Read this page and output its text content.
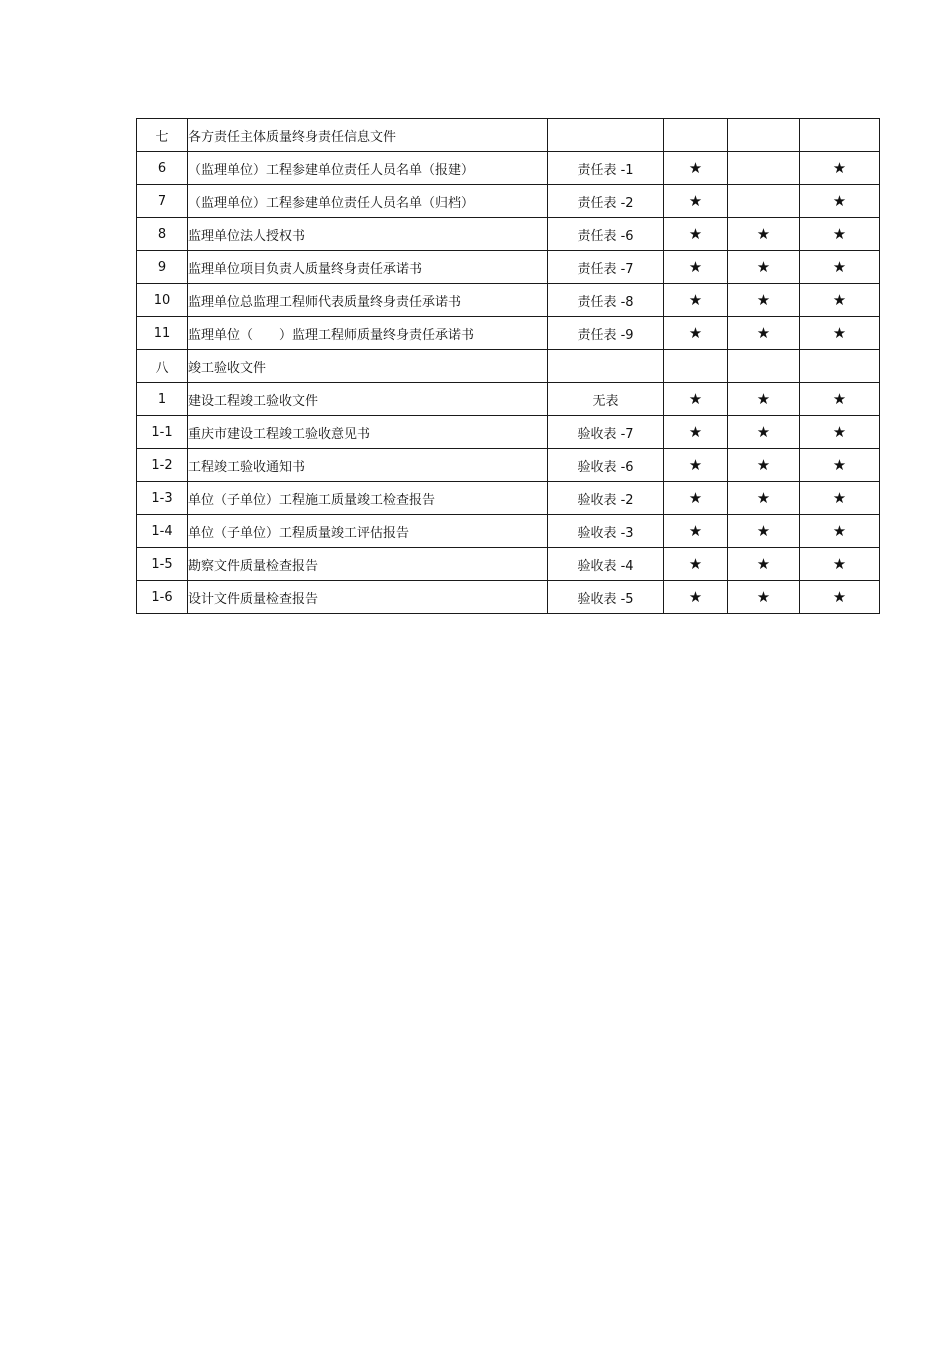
七	各方责任主体质量终身责任信息文件				
6	（监理单位）工程参建单位责任人员名单（报建）	责任表 -1	★		★
7	（监理单位）工程参建单位责任人员名单（归档）	责任表 -2	★		★
8	监理单位法人授权书	责任表 -6	★	★	★
9	监理单位项目负责人质量终身责任承诺书	责任表 -7	★	★	★
10	监理单位总监理工程师代表质量终身责任承诺书	责任表 -8	★	★	★
11	监理单位（　　）监理工程师质量终身责任承诺书	责任表 -9	★	★	★
八	竣工验收文件				
1	建设工程竣工验收文件	无表	★	★	★
1-1	重庆市建设工程竣工验收意见书	验收表 -7	★	★	★
1-2	工程竣工验收通知书	验收表 -6	★	★	★
1-3	单位（子单位）工程施工质量竣工检查报告	验收表 -2	★	★	★
1-4	单位（子单位）工程质量竣工评估报告	验收表 -3	★	★	★
1-5	勘察文件质量检查报告	验收表 -4	★	★	★
1-6	设计文件质量检查报告	验收表 -5	★	★	★
